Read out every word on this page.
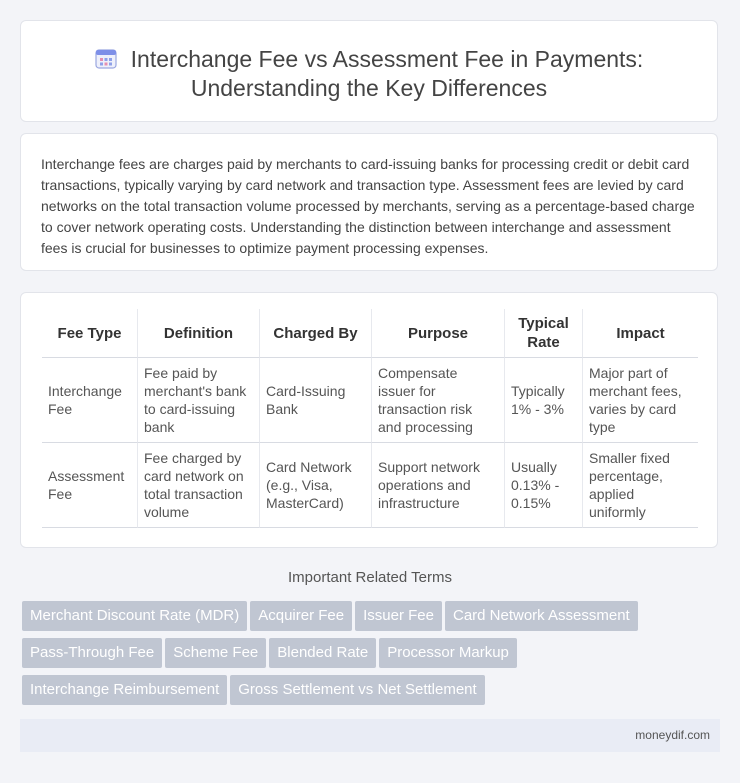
Interchange Fee vs Assessment Fee in Payments:
Understanding the Key Differences

Interchange fees are charges paid by merchants to card-issuing banks for processing credit or debit card transactions, typically varying by card network and transaction type. Assessment fees are levied by card networks on the total transaction volume processed by merchants, serving as a percentage-based charge to cover network operating costs. Understanding the distinction between interchange and assessment fees is crucial for businesses to optimize payment processing expenses.

Fee Type	Definition	Charged By	Purpose	Typical Rate	Impact
Interchange Fee	Fee paid by merchant's bank to card-issuing bank	Card-Issuing Bank	Compensate issuer for transaction risk and processing	Typically 1% - 3%	Major part of merchant fees, varies by card type
Assessment Fee	Fee charged by card network on total transaction volume	Card Network (e.g., Visa, MasterCard)	Support network operations and infrastructure	Usually 0.13% - 0.15%	Smaller fixed percentage, applied uniformly
Important Related Terms
Merchant Discount Rate (MDR) Acquirer Fee Issuer Fee Card Network Assessment
Pass-Through Fee Scheme Fee Blended Rate Processor Markup
Interchange Reimbursement Gross Settlement vs Net Settlement
moneydif.com
